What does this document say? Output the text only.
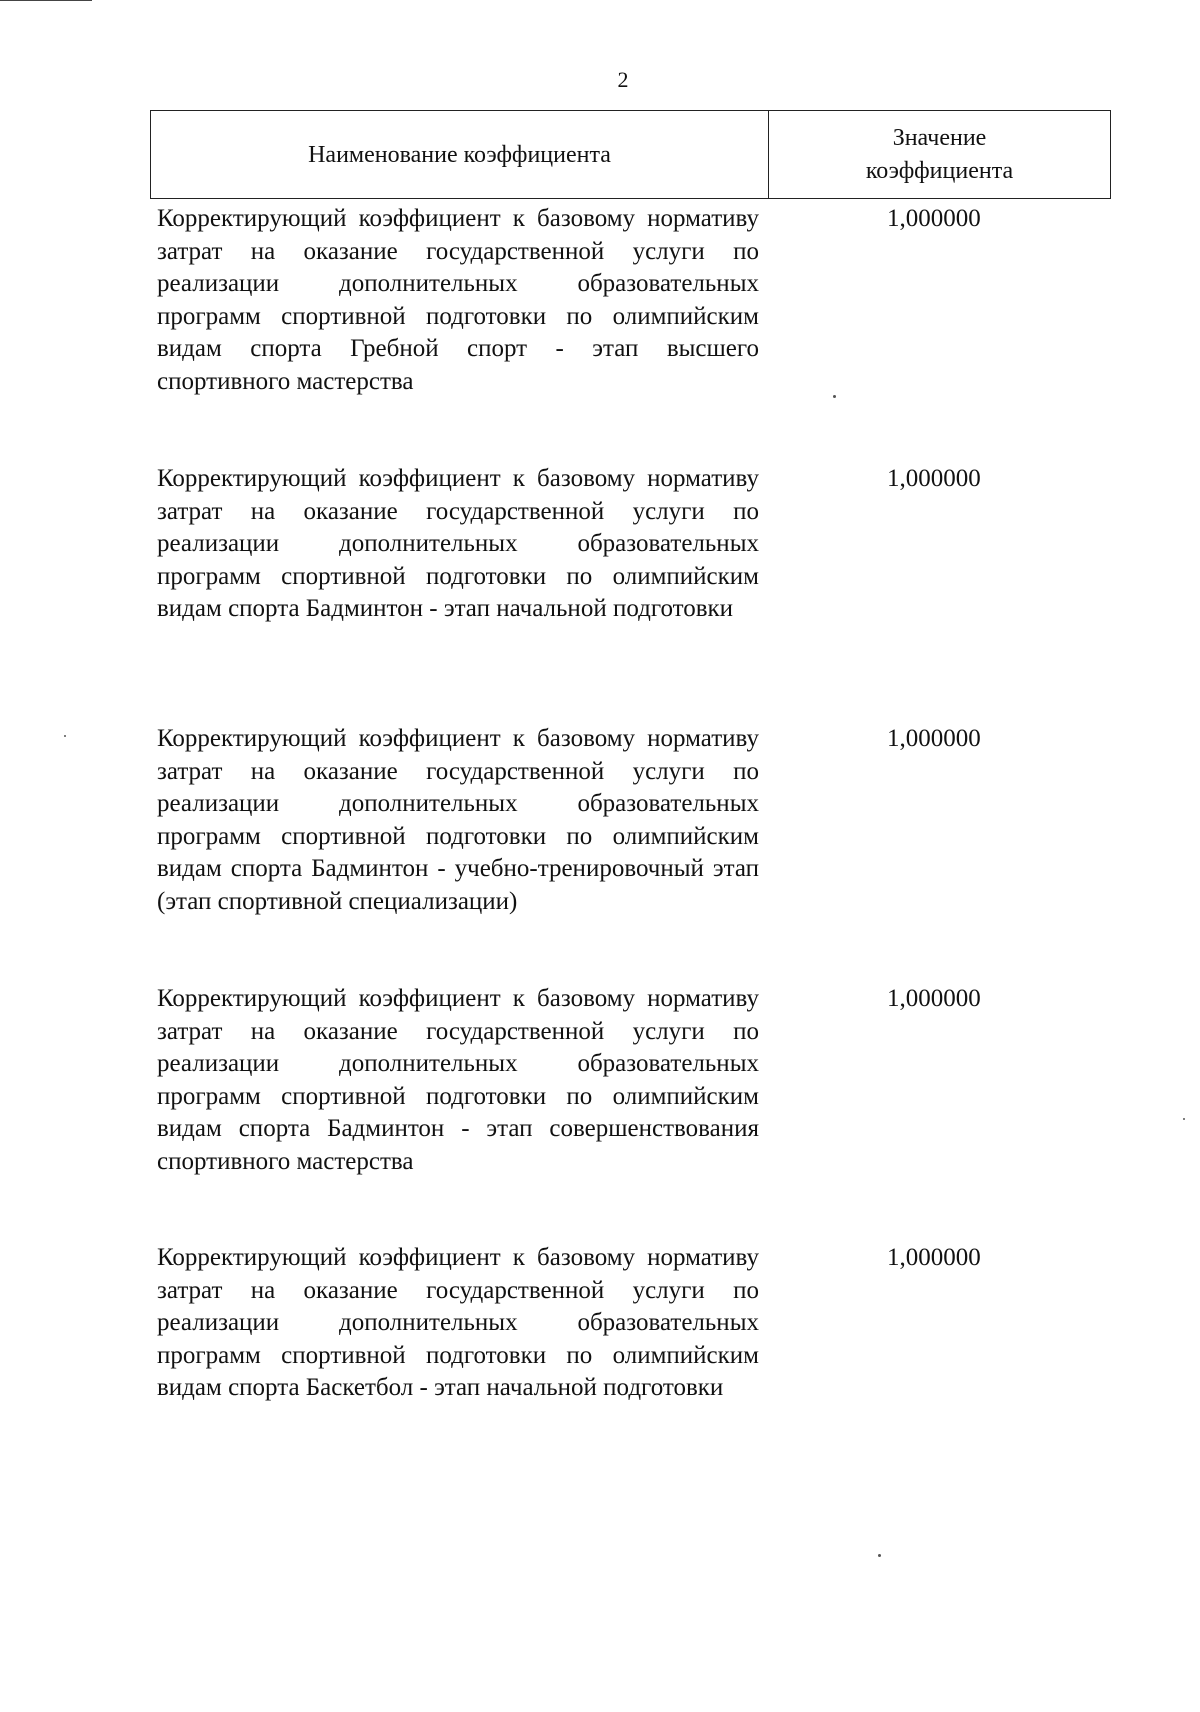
2
Наименование коэффициента
Значение
коэффициента
Корректирующий коэффициент к базовому нормативу затрат на оказание государственной услуги по реализации дополнительных образовательных программ спортивной подготовки по олимпийским видам спорта Гребной спорт - этап высшего спортивного мастерства
1,000000
Корректирующий коэффициент к базовому нормативу затрат на оказание государственной услуги по реализации дополнительных образовательных программ спортивной подготовки по олимпийским видам спорта Бадминтон - этап начальной подготовки
1,000000
Корректирующий коэффициент к базовому нормативу затрат на оказание государственной услуги по реализации дополнительных образовательных программ спортивной подготовки по олимпийским видам спорта Бадминтон - учебно-тренировочный этап (этап спортивной специализации)
1,000000
Корректирующий коэффициент к базовому нормативу затрат на оказание государственной услуги по реализации дополнительных образовательных программ спортивной подготовки по олимпийским видам спорта Бадминтон - этап совершенствования спортивного мастерства
1,000000
Корректирующий коэффициент к базовому нормативу затрат на оказание государственной услуги по реализации дополнительных образовательных программ спортивной подготовки по олимпийским видам спорта Баскетбол - этап начальной подготовки
1,000000
